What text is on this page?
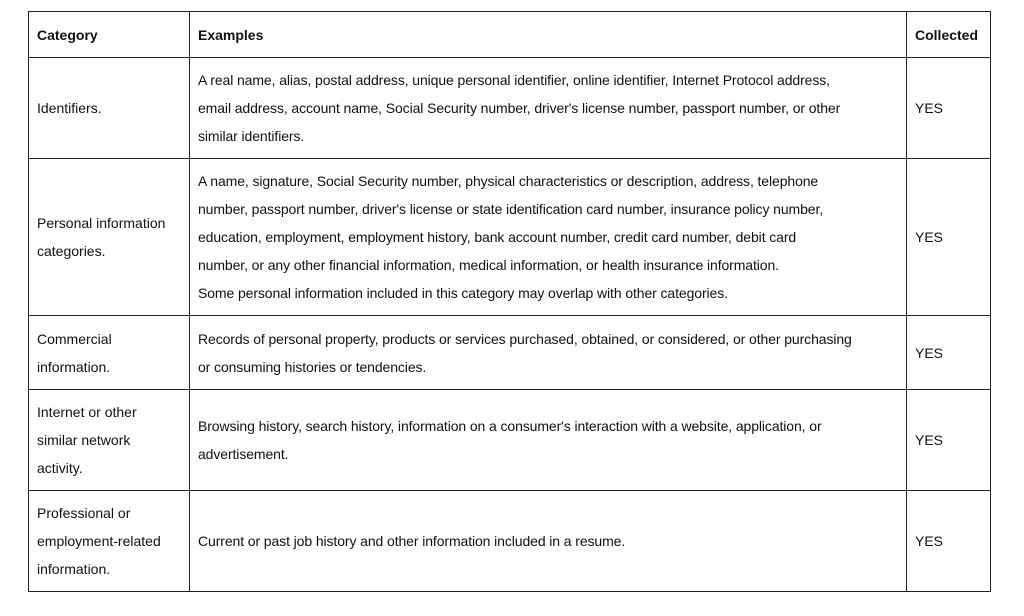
Category	Examples	Collected

Identifiers.	A real name, alias, postal address, unique personal identifier, online identifier, Internet Protocol address,
email address, account name, Social Security number, driver's license number, passport number, or other
similar identifiers.	YES

Personal information
categories.	A name, signature, Social Security number, physical characteristics or description, address, telephone
number, passport number, driver's license or state identification card number, insurance policy number,
education, employment, employment history, bank account number, credit card number, debit card
number, or any other financial information, medical information, or health insurance information.
Some personal information included in this category may overlap with other categories.	YES

Commercial
information.	Records of personal property, products or services purchased, obtained, or considered, or other purchasing
or consuming histories or tendencies.	YES

Internet or other
similar network
activity.	Browsing history, search history, information on a consumer's interaction with a website, application, or
advertisement.	YES

Professional or
employment-related
information.	Current or past job history and other information included in a resume.	YES
